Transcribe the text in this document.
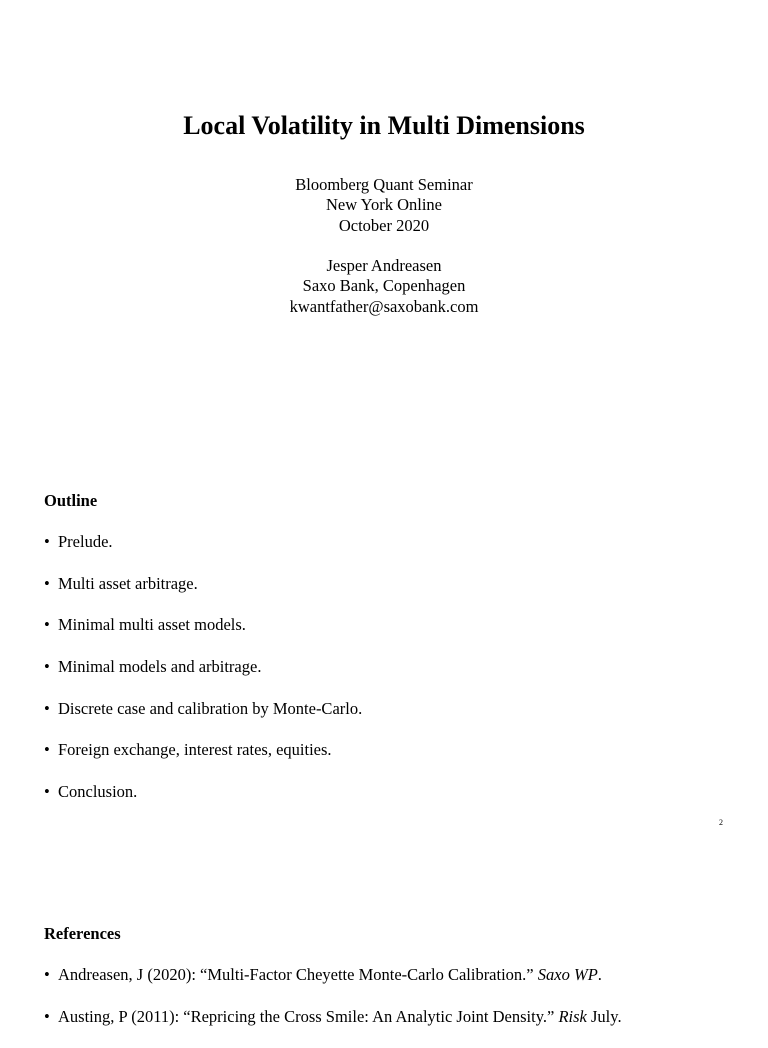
Local Volatility in Multi Dimensions
Bloomberg Quant Seminar
New York Online
October 2020
Jesper Andreasen
Saxo Bank, Copenhagen
kwantfather@saxobank.com
Outline
• Prelude.
• Multi asset arbitrage.
• Minimal multi asset models.
• Minimal models and arbitrage.
• Discrete case and calibration by Monte-Carlo.
• Foreign exchange, interest rates, equities.
• Conclusion.
2
References
• Andreasen, J (2020): “Multi-Factor Cheyette Monte-Carlo Calibration.” Saxo WP.
• Austing, P (2011): “Repricing the Cross Smile: An Analytic Joint Density.” Risk July.
